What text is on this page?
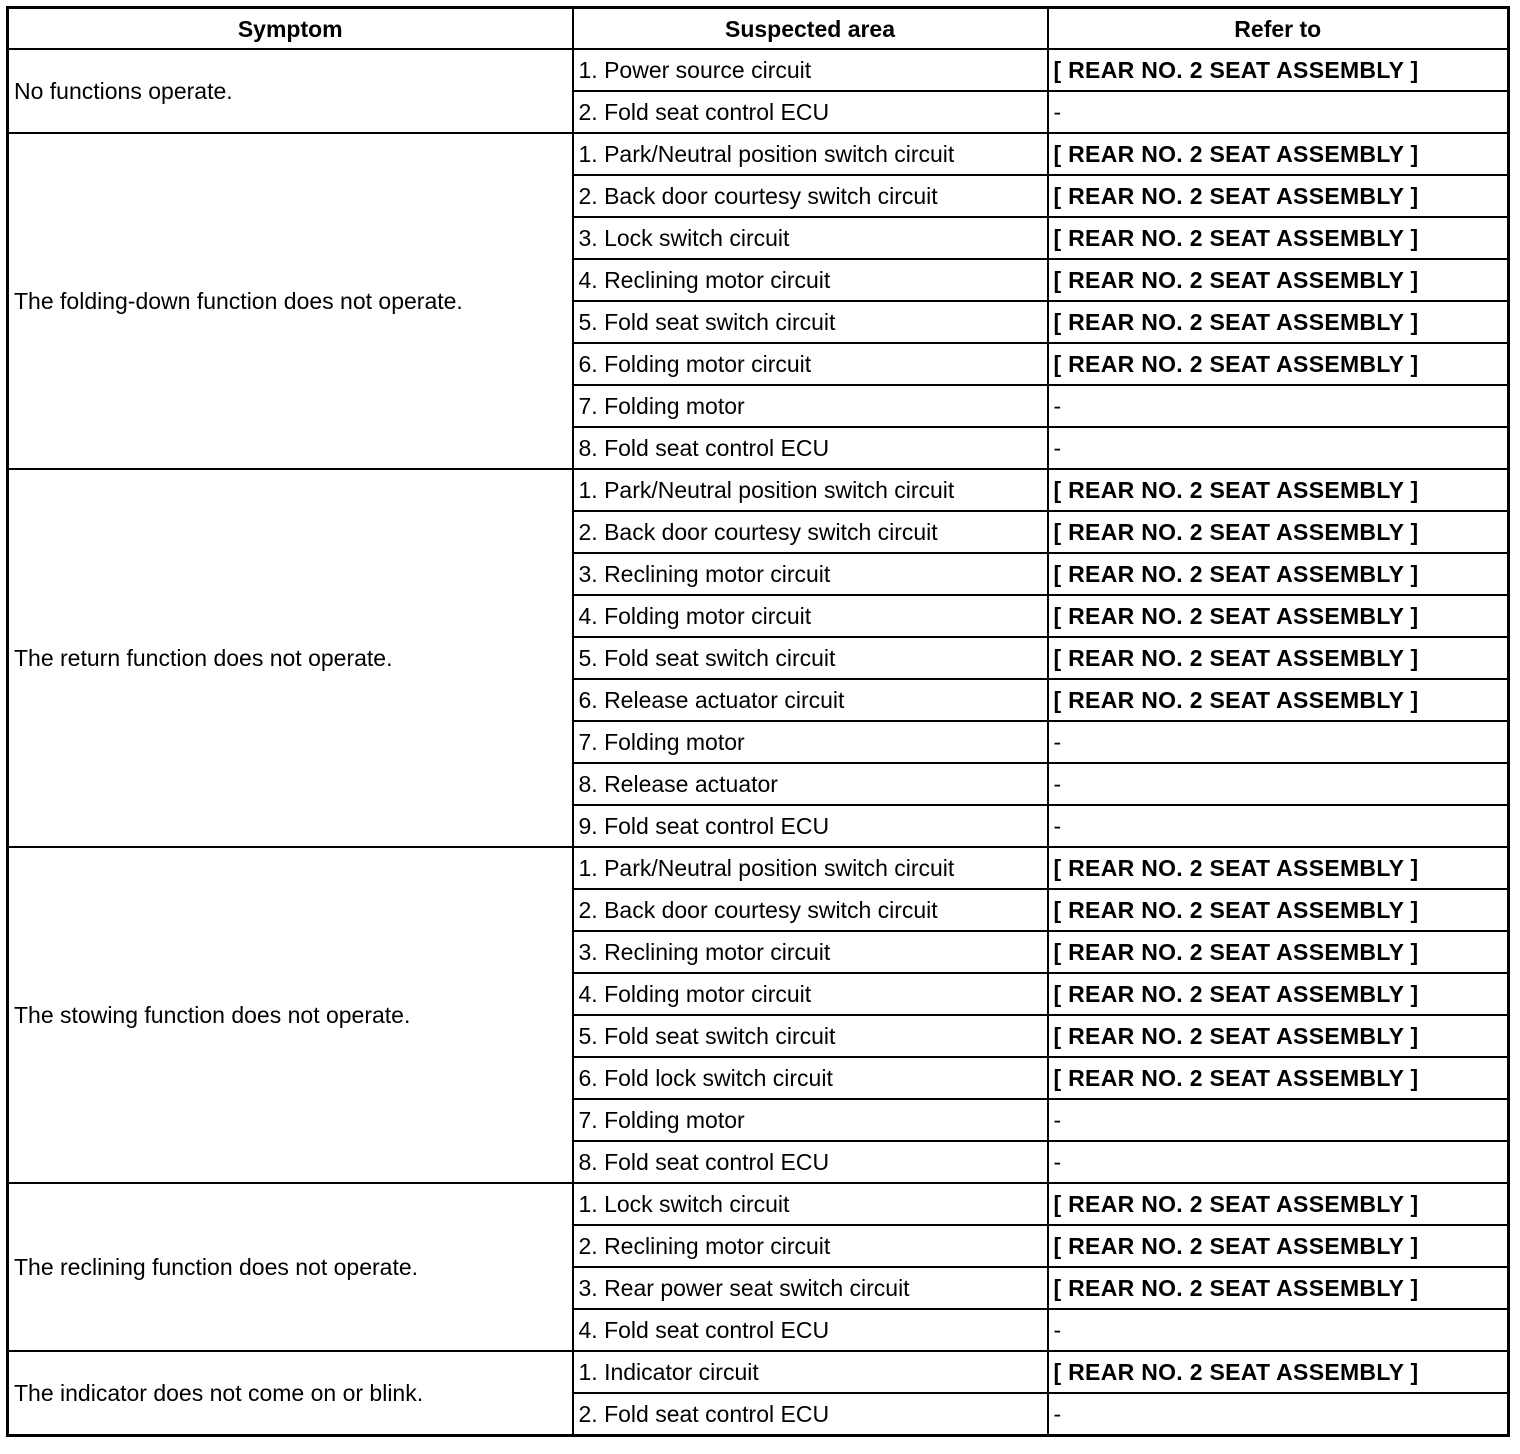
Symptom	Suspected area	Refer to
No functions operate.	1. Power source circuit	[ REAR NO. 2 SEAT ASSEMBLY ]
	2. Fold seat control ECU	-
The folding-down function does not operate.	1. Park/Neutral position switch circuit	[ REAR NO. 2 SEAT ASSEMBLY ]
	2. Back door courtesy switch circuit	[ REAR NO. 2 SEAT ASSEMBLY ]
	3. Lock switch circuit	[ REAR NO. 2 SEAT ASSEMBLY ]
	4. Reclining motor circuit	[ REAR NO. 2 SEAT ASSEMBLY ]
	5. Fold seat switch circuit	[ REAR NO. 2 SEAT ASSEMBLY ]
	6. Folding motor circuit	[ REAR NO. 2 SEAT ASSEMBLY ]
	7. Folding motor	-
	8. Fold seat control ECU	-
The return function does not operate.	1. Park/Neutral position switch circuit	[ REAR NO. 2 SEAT ASSEMBLY ]
	2. Back door courtesy switch circuit	[ REAR NO. 2 SEAT ASSEMBLY ]
	3. Reclining motor circuit	[ REAR NO. 2 SEAT ASSEMBLY ]
	4. Folding motor circuit	[ REAR NO. 2 SEAT ASSEMBLY ]
	5. Fold seat switch circuit	[ REAR NO. 2 SEAT ASSEMBLY ]
	6. Release actuator circuit	[ REAR NO. 2 SEAT ASSEMBLY ]
	7. Folding motor	-
	8. Release actuator	-
	9. Fold seat control ECU	-
The stowing function does not operate.	1. Park/Neutral position switch circuit	[ REAR NO. 2 SEAT ASSEMBLY ]
	2. Back door courtesy switch circuit	[ REAR NO. 2 SEAT ASSEMBLY ]
	3. Reclining motor circuit	[ REAR NO. 2 SEAT ASSEMBLY ]
	4. Folding motor circuit	[ REAR NO. 2 SEAT ASSEMBLY ]
	5. Fold seat switch circuit	[ REAR NO. 2 SEAT ASSEMBLY ]
	6. Fold lock switch circuit	[ REAR NO. 2 SEAT ASSEMBLY ]
	7. Folding motor	-
	8. Fold seat control ECU	-
The reclining function does not operate.	1. Lock switch circuit	[ REAR NO. 2 SEAT ASSEMBLY ]
	2. Reclining motor circuit	[ REAR NO. 2 SEAT ASSEMBLY ]
	3. Rear power seat switch circuit	[ REAR NO. 2 SEAT ASSEMBLY ]
	4. Fold seat control ECU	-
The indicator does not come on or blink.	1. Indicator circuit	[ REAR NO. 2 SEAT ASSEMBLY ]
	2. Fold seat control ECU	-
